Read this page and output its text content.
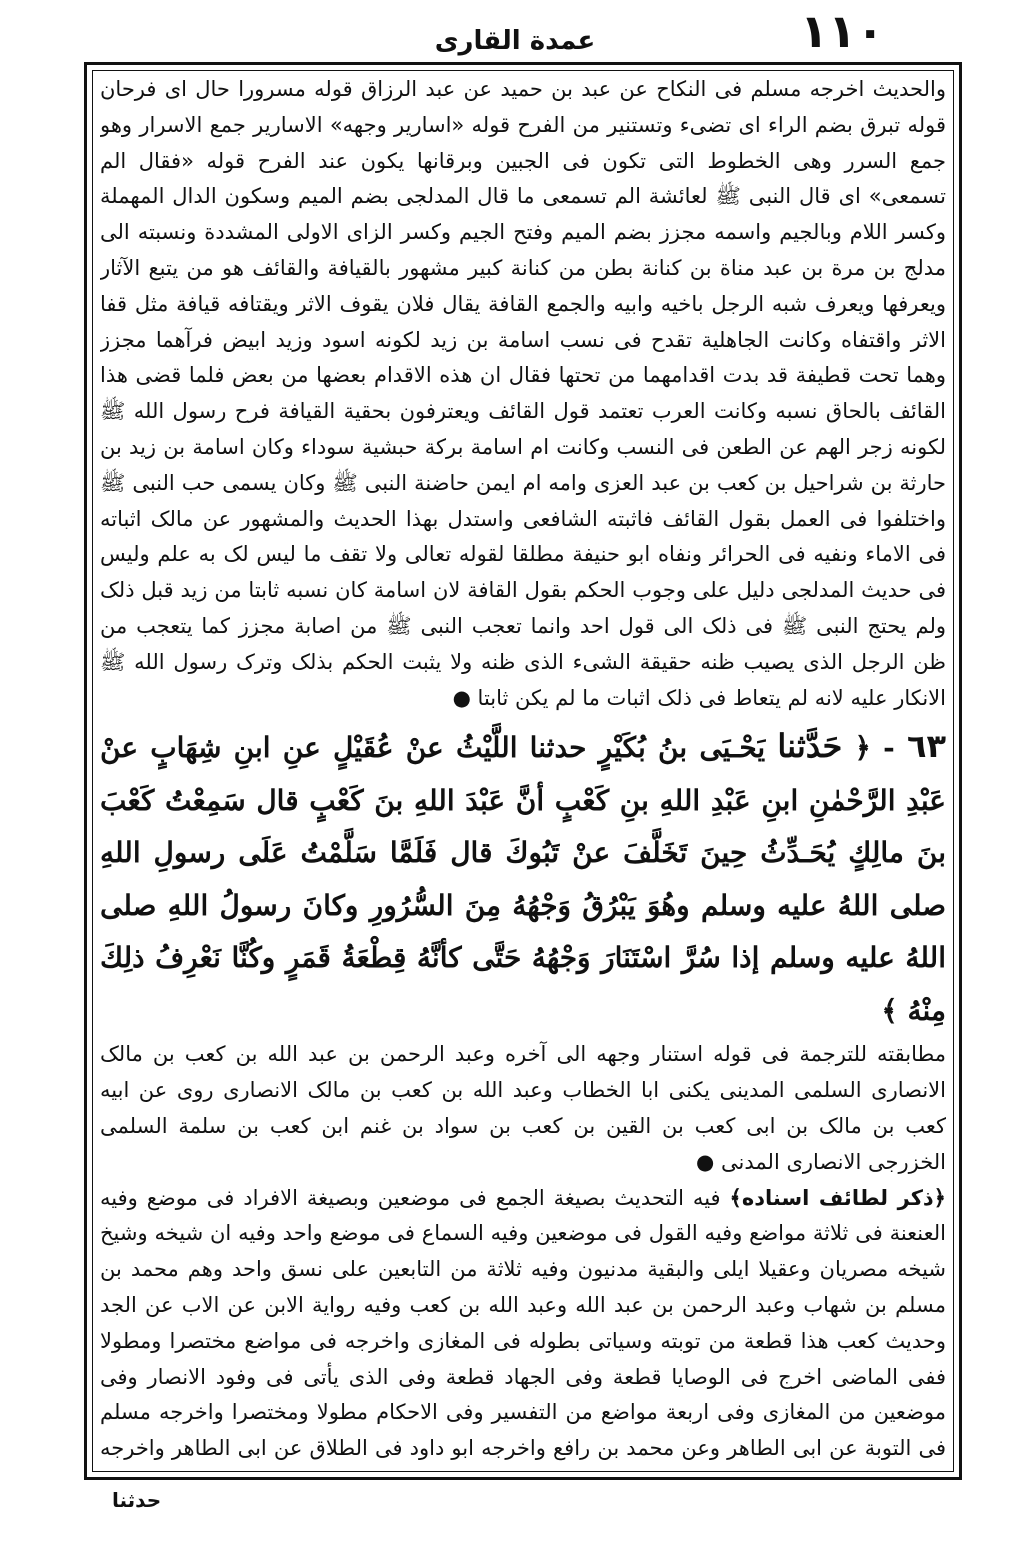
١١٠
عمدة القاری

والحدیث اخرجه مسلم فی النکاح عن عبد بن حمید عن عبد الرزاق قوله مسرورا حال ای فرحان قوله تبرق بضم الراء ای تضیء وتستنیر من الفرح قوله «اسارير وجهه» الاسارير جمع الاسرار وهو جمع السرر وهی الخطوط التی تکون فی الجبين وبرقانها يکون عند الفرح قوله «فقال الم تسمعی» ای قال النبی ﷺ لعائشة الم تسمعی ما قال المدلجی بضم الميم وسکون الدال المهملة وکسر اللام وبالجيم واسمه مجزز بضم الميم وفتح الجيم وکسر الزای الاولى المشددة ونسبته الى مدلج بن مرة بن عبد مناة بن کنانة بطن من کنانة کبير مشهور بالقيافة والقائف هو من يتبع الآثار ويعرفها ويعرف شبه الرجل باخيه وابيه والجمع القافة يقال فلان يقوف الاثر ويقتافه قيافة مثل قفا الاثر واقتفاه وکانت الجاهلية تقدح فی نسب اسامة بن زيد لکونه اسود وزيد ابيض فرآهما مجزز وهما تحت قطيفة قد بدت اقدامهما من تحتها فقال ان هذه الاقدام بعضها من بعض فلما قضى هذا القائف بالحاق نسبه وکانت العرب تعتمد قول القائف ويعترفون بحقية القيافة فرح رسول الله ﷺ لکونه زجر الهم عن الطعن فی النسب وکانت ام اسامة برکة حبشية سوداء وکان اسامة بن زيد بن حارثة بن شراحيل بن کعب بن عبد العزى وامه ام ايمن حاضنة النبی ﷺ وکان يسمى حب النبی ﷺ واختلفوا فی العمل بقول القائف فاثبته الشافعی واستدل بهذا الحديث والمشهور عن مالک اثباته فی الاماء ونفيه فی الحرائر ونفاه ابو حنيفة مطلقا لقوله تعالى ولا تقف ما ليس لک به علم وليس فی حديث المدلجی دليل على وجوب الحکم بقول القافة لان اسامة کان نسبه ثابتا من زيد قبل ذلک ولم يحتج النبی ﷺ فی ذلک الى قول احد وانما تعجب النبی ﷺ من اصابة مجزز کما يتعجب من ظن الرجل الذی يصيب ظنه حقيقة الشیء الذی ظنه ولا يثبت الحکم بذلک وترک رسول الله ﷺ الانکار عليه لانه لم يتعاط فی ذلک اثبات ما لم يکن ثابتا ●

٦٣ - ﴿ حَدَّثنا يَحْـيَى بنُ بُكَيْرٍ حدثنا اللَّيْثُ عنْ عُقَيْلٍ عنِ ابنِ شِهَابٍ عنْ عَبْدِ الرَّحْمٰنِ ابنِ عَبْدِ اللهِ بنِ كَعْبٍ أنَّ عَبْدَ اللهِ بنَ كَعْبٍ قال سَمِعْتُ كَعْبَ بنَ مالِكٍ يُحَـدِّثُ حِينَ تَخَلَّفَ عنْ تَبُوكَ قال فَلَمَّا سَلَّمْتُ عَلَى رسولِ اللهِ صلى اللهُ عليه وسلم وهُوَ يَبْرُقُ وَجْهُهُ مِنَ السُّرُورِ وكانَ رسولُ اللهِ صلى اللهُ عليه وسلم إذا سُرَّ اسْتَنَارَ وَجْهُهُ حَتَّى كأنَّهُ قِطْعَةُ قَمَرٍ وكُنَّا نَعْرِفُ ذلِكَ مِنْهُ ﴾

مطابقته للترجمة فی قوله استنار وجهه الى آخره وعبد الرحمن بن عبد الله بن کعب بن مالک الانصاری السلمی المدينی يکنى ابا الخطاب وعبد الله بن کعب بن مالک الانصاری روى عن ابيه کعب بن مالک بن ابی کعب بن القين بن کعب بن سواد بن غنم ابن کعب بن سلمة السلمی الخزرجی الانصاری المدنی ●

﴿ذکر لطائف اسناده﴾ فيه التحديث بصيغة الجمع فی موضعين وبصيغة الافراد فی موضع وفيه العنعنة فی ثلاثة مواضع وفيه القول فی موضعين وفيه السماع فی موضع واحد وفيه ان شيخه وشيخ شيخه مصريان وعقيلا ايلی والبقية مدنيون وفيه ثلاثة من التابعين على نسق واحد وهم محمد بن مسلم بن شهاب وعبد الرحمن بن عبد الله وعبد الله بن کعب وفيه رواية الابن عن الاب عن الجد وحديث کعب هذا قطعة من توبته وسياتی بطوله فی المغازی واخرجه فی مواضع مختصرا ومطولا ففی الماضی اخرج فی الوصايا قطعة وفی الجهاد قطعة وفی الذی يأتی فی وفود الانصار وفی موضعين من المغازی وفی اربعة مواضع من التفسير وفی الاحکام مطولا ومختصرا واخرجه مسلم فی التوبة عن ابی الطاهر وعن محمد بن رافع واخرجه ابو داود فی الطلاق عن ابی الطاهر واخرجه

حدثنا
